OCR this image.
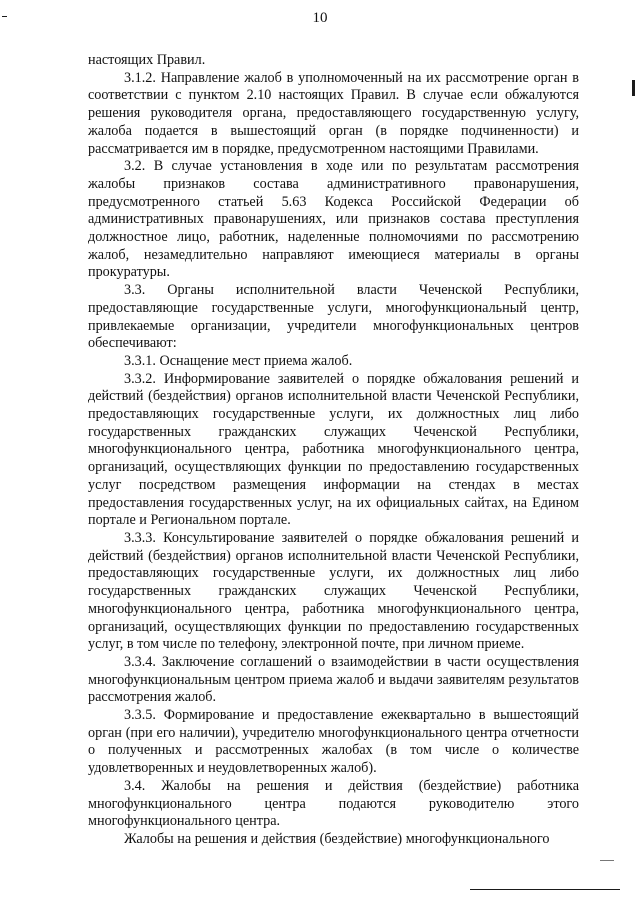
10

настоящих Правил.

3.1.2. Направление жалоб в уполномоченный на их рассмотрение орган в соответствии с пунктом 2.10 настоящих Правил. В случае если обжалуются решения руководителя органа, предоставляющего государственную услугу, жалоба подается в вышестоящий орган (в порядке подчиненности) и рассматривается им в порядке, предусмотренном настоящими Правилами.

3.2. В случае установления в ходе или по результатам рассмотрения жалобы признаков состава административного правонарушения, предусмотренного статьей 5.63 Кодекса Российской Федерации об административных правонарушениях, или признаков состава преступления должностное лицо, работник, наделенные полномочиями по рассмотрению жалоб, незамедлительно направляют имеющиеся материалы в органы прокуратуры.

3.3. Органы исполнительной власти Чеченской Республики, предоставляющие государственные услуги, многофункциональный центр, привлекаемые организации, учредители многофункциональных центров обеспечивают:

3.3.1. Оснащение мест приема жалоб.

3.3.2. Информирование заявителей о порядке обжалования решений и действий (бездействия) органов исполнительной власти Чеченской Республики, предоставляющих государственные услуги, их должностных лиц либо государственных гражданских служащих Чеченской Республики, многофункционального центра, работника многофункционального центра, организаций, осуществляющих функции по предоставлению государственных услуг посредством размещения информации на стендах в местах предоставления государственных услуг, на их официальных сайтах, на Едином портале и Региональном портале.

3.3.3. Консультирование заявителей о порядке обжалования решений и действий (бездействия) органов исполнительной власти Чеченской Республики, предоставляющих государственные услуги, их должностных лиц либо государственных гражданских служащих Чеченской Республики, многофункционального центра, работника многофункционального центра, организаций, осуществляющих функции по предоставлению государственных услуг, в том числе по телефону, электронной почте, при личном приеме.

3.3.4. Заключение соглашений о взаимодействии в части осуществления многофункциональным центром приема жалоб и выдачи заявителям результатов рассмотрения жалоб.

3.3.5. Формирование и предоставление ежеквартально в вышестоящий орган (при его наличии), учредителю многофункционального центра отчетности о полученных и рассмотренных жалобах (в том числе о количестве удовлетворенных и неудовлетворенных жалоб).

3.4. Жалобы на решения и действия (бездействие) работника многофункционального центра подаются руководителю этого многофункционального центра.

Жалобы на решения и действия (бездействие) многофункционального
